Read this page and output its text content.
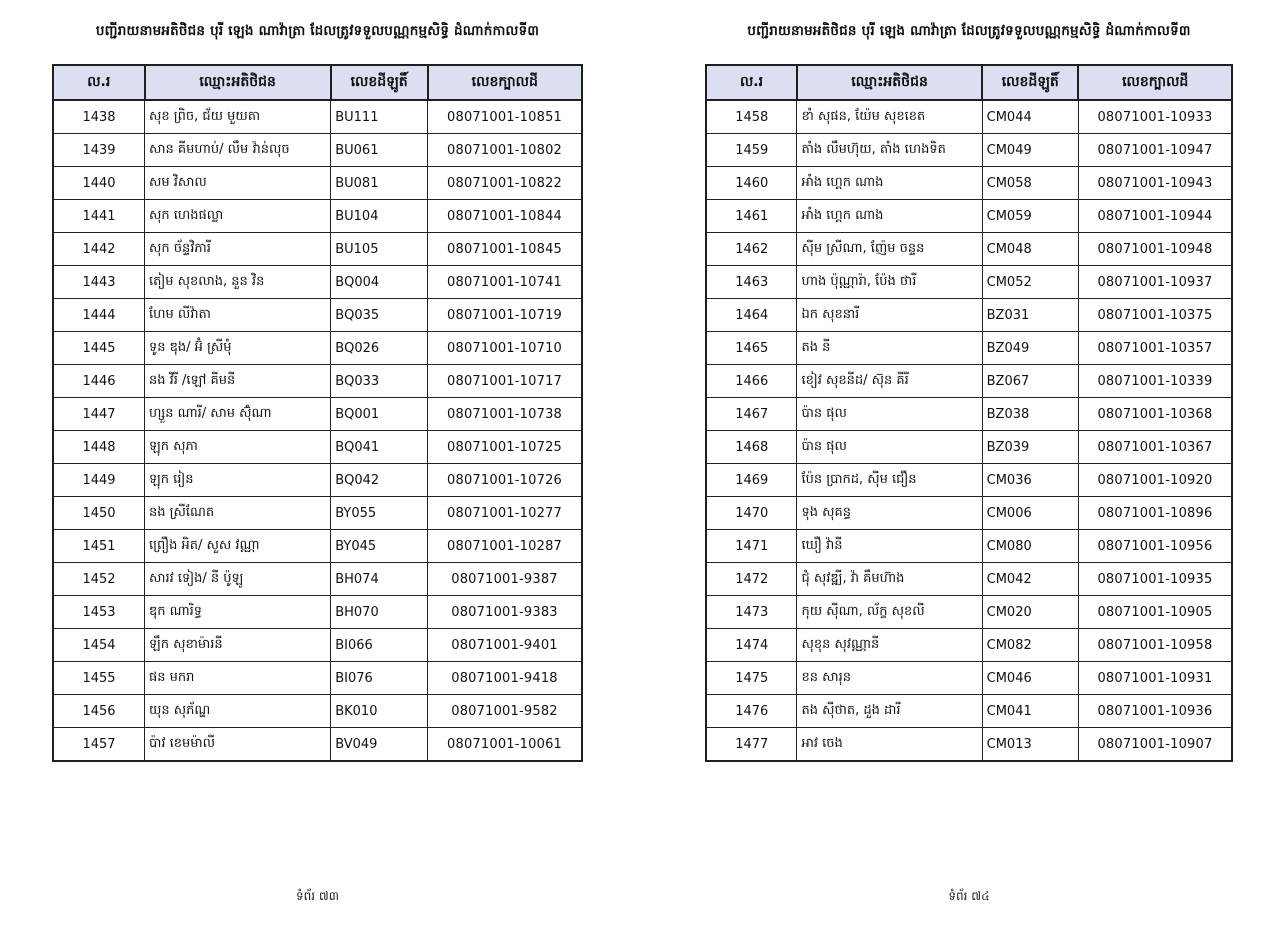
បញ្ជីរាយនាមអតិថិជន បុរី ឡេង ណាវ៉ាត្រា ដែលត្រូវទទួលបណ្ណកម្មសិទ្ធិ ដំណាក់កាលទី៣
ល.រ	ឈ្មោះអតិថិជន	លេខដីឡូតិ៍	លេខក្បាលដី
1438	សុខ ព្រិច, ជ័យ មួយតា	BU111	08071001-10851
1439	សាន គីមហាប់/ លឹម វ៉ាន់លុច	BU061	08071001-10802
1440	សម វិសាល	BU081	08071001-10822
1441	សុក ហេងផល្លា	BU104	08071001-10844
1442	សុក ច័ន្ទវិភារី	BU105	08071001-10845
1443	តៀម សុខលាង, នួន វិន	BQ004	08071001-10741
1444	ហែម លីវ៉ាតា	BQ035	08071001-10719
1445	ទូន ឌុង/ អ៊ំ ស្រីមុំ	BQ026	08071001-10710
1446	នង វិរី /ឡៅ គីមនី	BQ033	08071001-10717
1447	ហ្សួន ណារី/ សាម ស៊ុំណា	BQ001	08071001-10738
1448	ឡុក សុភា	BQ041	08071001-10725
1449	ឡុក រៀន	BQ042	08071001-10726
1450	នង ស្រីណែត	BY055	08071001-10277
1451	ព្រឿង អិត/ សួស វណ្ណា	BY045	08071001-10287
1452	សារវ ទៀង/ នី ប៉ូឡូ	BH074	08071001-9387
1453	ឌុក ណារិទ្ធ	BH070	08071001-9383
1454	ឡឹក សុខាម៉ារនី	BI066	08071001-9401
1455	ផន មករា	BI076	08071001-9418
1456	យុន សុភ័ណ្ឌ	BK010	08071001-9582
1457	ប៉ាវ ខេមម៉ាលី	BV049	08071001-10061
ទំព័រ ៧៣
បញ្ជីរាយនាមអតិថិជន បុរី ឡេង ណាវ៉ាត្រា ដែលត្រូវទទួលបណ្ណកម្មសិទ្ធិ ដំណាក់កាលទី៣
ល.រ	ឈ្មោះអតិថិជន	លេខដីឡូតិ៍	លេខក្បាលដី
1458	ខាំ សុផន, យ៉ែម សុខខេត	CM044	08071001-10933
1459	តាំង លឹមហ៊ុយ, តាំង ហេងទិត	CM049	08071001-10947
1460	អាំង ហ្គេក ណាង	CM058	08071001-10943
1461	អាំង ហ្គេក ណាង	CM059	08071001-10944
1462	ស៊ីម ស្រីណា, ញ៉ែម ចន្ទន	CM048	08071001-10948
1463	ហាង ប៉ុណ្ណារ៉ា, ប៉ែង ថារី	CM052	08071001-10937
1464	ឯក សុខនារី	BZ031	08071001-10375
1465	តង នី	BZ049	08071001-10357
1466	ខៀវ សុខនីដ/ ស៊ុន គីរី	BZ067	08071001-10339
1467	ប៉ាន ផុល	BZ038	08071001-10368
1468	ប៉ាន ផុល	BZ039	08071001-10367
1469	ប៉ែន ប្រាកដ, ស៊ីម ជឿន	CM036	08071001-10920
1470	ទុង សុគន្ធ	CM006	08071001-10896
1471	ឃឿ វ៉ានី	CM080	08071001-10956
1472	ជុំ សុវឌ្ឍី, វ៉ា គឹមហ៊ាង	CM042	08071001-10935
1473	កុយ ស៊ីណា, ល័ក្ខ សុខលី	CM020	08071001-10905
1474	សុខុន សុវណ្ណានី	CM082	08071001-10958
1475	ខន សារុន	CM046	08071001-10931
1476	តង ស៊ីថាត, ដួង ដារី	CM041	08071001-10936
1477	អាវ ចេង	CM013	08071001-10907
ទំព័រ ៧៤
